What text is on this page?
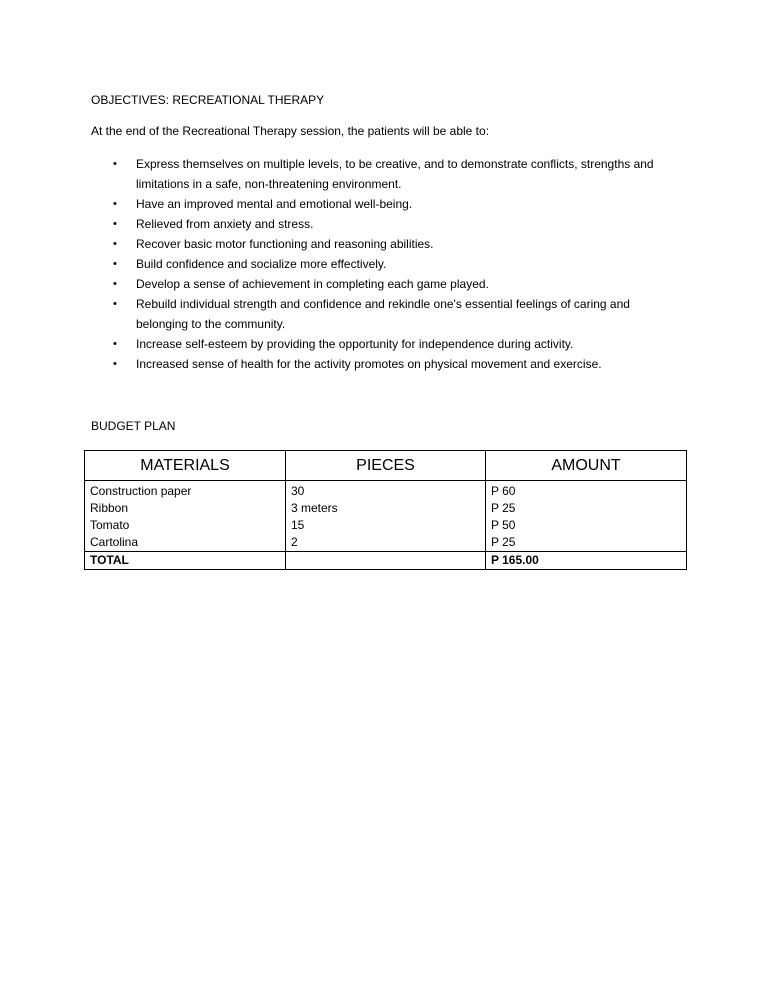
OBJECTIVES: RECREATIONAL THERAPY
At the end of the Recreational Therapy session, the patients will be able to:
• Express themselves on multiple levels, to be creative, and to demonstrate conflicts, strengths and limitations in a safe, non-threatening environment.
• Have an improved mental and emotional well-being.
• Relieved from anxiety and stress.
• Recover basic motor functioning and reasoning abilities.
• Build confidence and socialize more effectively.
• Develop a sense of achievement in completing each game played.
• Rebuild individual strength and confidence and rekindle one's essential feelings of caring and belonging to the community.
• Increase self-esteem by providing the opportunity for independence during activity.
• Increased sense of health for the activity promotes on physical movement and exercise.
BUDGET PLAN
MATERIALS	PIECES	AMOUNT
Construction paper	30	P 60
Ribbon	3 meters	P 25
Tomato	15	P 50
Cartolina	2	P 25
TOTAL		P 165.00
